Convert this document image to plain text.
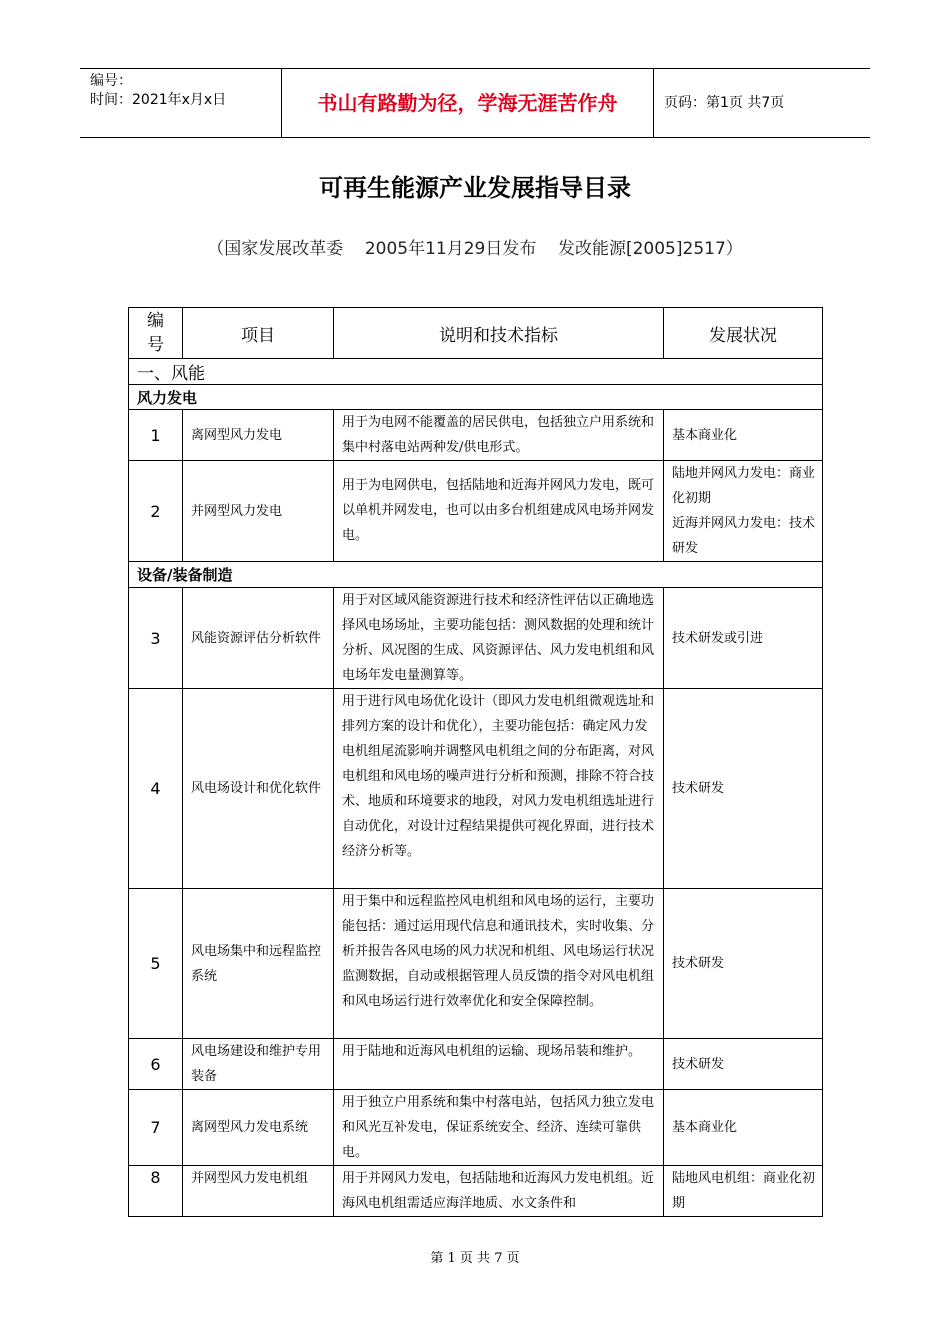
编号：
时间：2021年x月x日	书山有路勤为径，学海无涯苦作舟	页码：第1页 共7页
可再生能源产业发展指导目录
（国家发展改革委    2005年11月29日发布    发改能源[2005]2517）
编号	项目	说明和技术指标	发展状况
一、风能			
风力发电			
1	离网型风力发电	用于为电网不能覆盖的居民供电，包括独立户用系统和集中村落电站两种发/供电形式。	基本商业化
2	并网型风力发电	用于为电网供电，包括陆地和近海并网风力发电，既可以单机并网发电，也可以由多台机组建成风电场并网发电。	陆地并网风力发电：商业化初期
近海并网风力发电：技术研发
设备/装备制造			
3	风能资源评估分析软件	用于对区域风能资源进行技术和经济性评估以正确地选择风电场场址，主要功能包括：测风数据的处理和统计分析、风况图的生成、风资源评估、风力发电机组和风电场年发电量测算等。	技术研发或引进
4	风电场设计和优化软件	用于进行风电场优化设计（即风力发电机组微观选址和排列方案的设计和优化），主要功能包括：确定风力发电机组尾流影响并调整风电机组之间的分布距离，对风电机组和风电场的噪声进行分析和预测，排除不符合技术、地质和环境要求的地段，对风力发电机组选址进行自动优化，对设计过程结果提供可视化界面，进行技术经济分析等。	技术研发
5	风电场集中和远程监控系统	用于集中和远程监控风电机组和风电场的运行，主要功能包括：通过运用现代信息和通讯技术，实时收集、分析并报告各风电场的风力状况和机组、风电场运行状况监测数据，自动或根据管理人员反馈的指令对风电机组和风电场运行进行效率优化和安全保障控制。	技术研发
6	风电场建设和维护专用装备	用于陆地和近海风电机组的运输、现场吊装和维护。	技术研发
7	离网型风力发电系统	用于独立户用系统和集中村落电站，包括风力独立发电和风光互补发电，保证系统安全、经济、连续可靠供电。	基本商业化
8	并网型风力发电机组	用于并网风力发电，包括陆地和近海风力发电机组。近海风电机组需适应海洋地质、水文条件和	陆地风电机组：商业化初期
第 1 页 共 7 页
